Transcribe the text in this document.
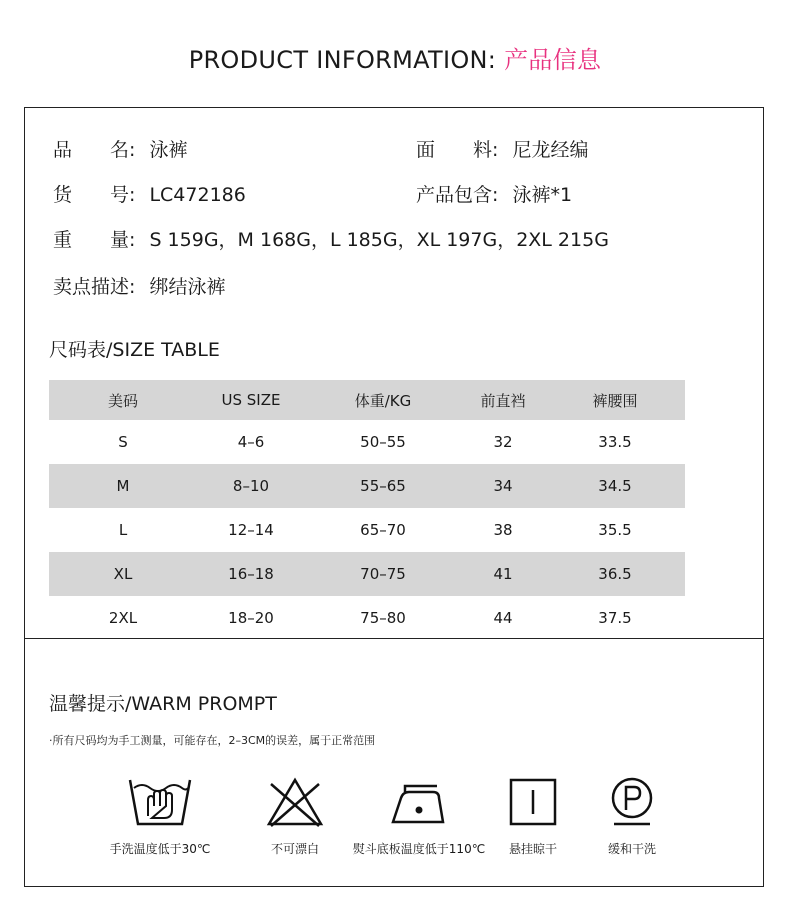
PRODUCT INFORMATION: 产品信息
品　　名: 泳裤	面　　料: 尼龙经编
货　　号: LC472186	产品包含: 泳裤*1
重　　量: S 159G，M 168G，L 185G，XL 197G，2XL 215G
卖点描述: 绑结泳裤
尺码表/SIZE TABLE
美码	US SIZE	体重/KG	前直裆	裤腰围
S	4–6	50–55	32	33.5
M	8–10	55–65	34	34.5
L	12–14	65–70	38	35.5
XL	16–18	70–75	41	36.5
2XL	18–20	75–80	44	37.5
温馨提示/WARM PROMPT
·所有尺码均为手工测量，可能存在，2–3CM的误差，属于正常范围
手洗温度低于30℃	不可漂白	熨斗底板温度低于110℃	悬挂晾干	缓和干洗
